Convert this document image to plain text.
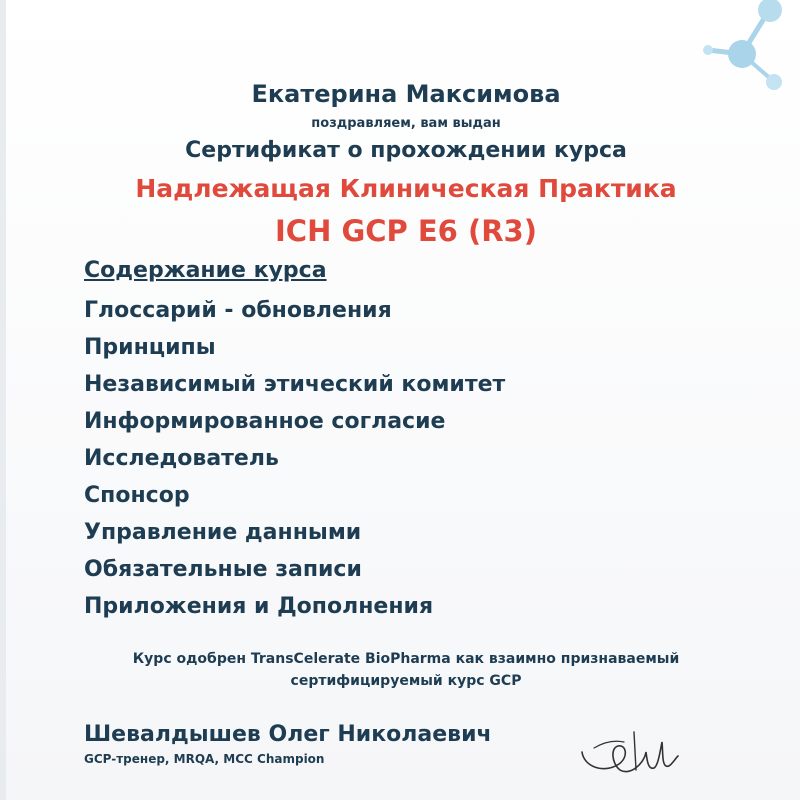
Екатерина Максимова
поздравляем, вам выдан
Сертификат о прохождении курса
Надлежащая Клиническая Практика
ICH GCP E6 (R3)
Содержание курса
Глоссарий - обновления
Принципы
Независимый этический комитет
Информированное согласие
Исследователь
Спонсор
Управление данными
Обязательные записи
Приложения и Дополнения
Курс одобрен TransCelerate BioPharma как взаимно признаваемый
сертифицируемый курс GCP
Шевалдышев Олег Николаевич
GCP-тренер, MRQA, MCC Champion
